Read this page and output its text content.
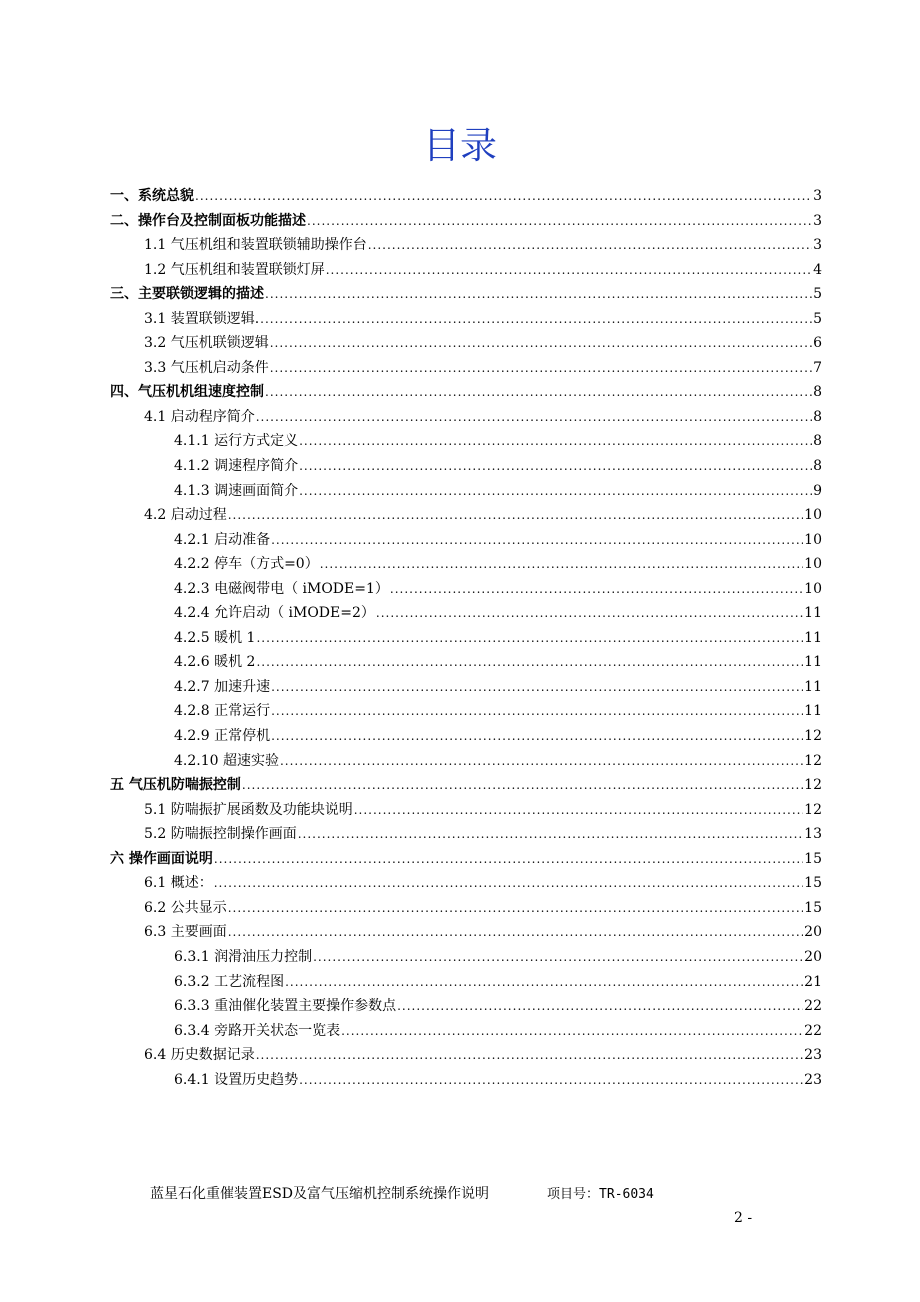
目录
一、系统总貌 .....	3
二、操作台及控制面板功能描述 .....	3
1.1 气压机组和装置联锁辅助操作台 .....	3
1.2 气压机组和装置联锁灯屏 .....	4
三、主要联锁逻辑的描述 .....	5
3.1 装置联锁逻辑. .....	5
3.2 气压机联锁逻辑 .....	6
3.3 气压机启动条件 .....	7
四、气压机机组速度控制 .....	8
4.1 启动程序简介 .....	8
4.1.1 运行方式定义 .....	8
4.1.2 调速程序简介 .....	8
4.1.3 调速画面简介 .....	9
4.2 启动过程 .....	10
4.2.1 启动准备 .....	10
4.2.2 停车（方式=0） .....	10
4.2.3 电磁阀带电（ iMODE=1） .....	10
4.2.4 允许启动（ iMODE=2） .....	11
4.2.5 暖机 1 .....	11
4.2.6 暖机 2 .....	11
4.2.7 加速升速 .....	11
4.2.8 正常运行 .....	11
4.2.9 正常停机 .....	12
4.2.10 超速实验 .....	12
五 气压机防喘振控制 .....	12
5.1 防喘振扩展函数及功能块说明 .....	12
5.2 防喘振控制操作画面 .....	13
六 操作画面说明 .....	15
6.1 概述： .....	15
6.2 公共显示 .....	15
6.3 主要画面 .....	20
6.3.1 润滑油压力控制 .....	20
6.3.2 工艺流程图 .....	21
6.3.3 重油催化装置主要操作参数点 .....	22
6.3.4 旁路开关状态一览表 .....	22
6.4 历史数据记录 .....	23
6.4.1 设置历史趋势 .....	23
蓝星石化重催装置ESD及富气压缩机控制系统操作说明	项目号：TR-6034
2 -
